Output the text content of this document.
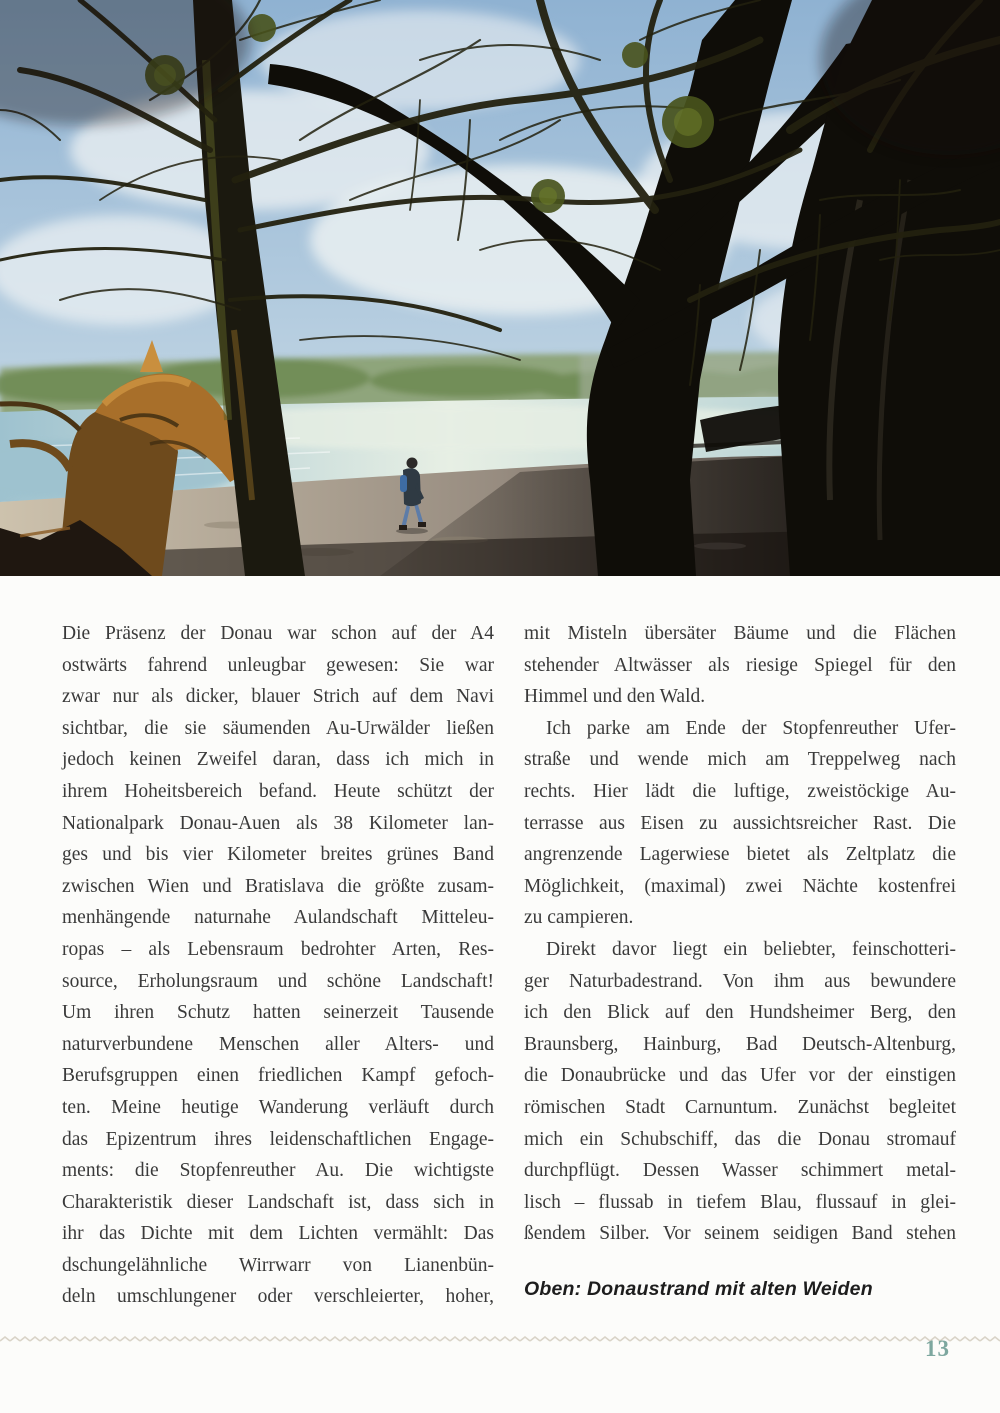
Die Präsenz der Donau war schon auf der A4
ostwärts fahrend unleugbar gewesen: Sie war
zwar nur als dicker, blauer Strich auf dem Navi
sichtbar, die sie säumenden Au-Urwälder ließen
jedoch keinen Zweifel daran, dass ich mich in
ihrem Hoheitsbereich befand. Heute schützt der
Nationalpark Donau-Auen als 38 Kilometer lan-
ges und bis vier Kilometer breites grünes Band
zwischen Wien und Bratislava die größte zusam-
menhängende naturnahe Aulandschaft Mitteleu-
ropas – als Lebensraum bedrohter Arten, Res-
source, Erholungsraum und schöne Landschaft!
Um ihren Schutz hatten seinerzeit Tausende
naturverbundene Menschen aller Alters- und
Berufsgruppen einen friedlichen Kampf gefoch-
ten. Meine heutige Wanderung verläuft durch
das Epizentrum ihres leidenschaftlichen Engage-
ments: die Stopfenreuther Au. Die wichtigste
Charakteristik dieser Landschaft ist, dass sich in
ihr das Dichte mit dem Lichten vermählt: Das
dschungelähnliche Wirrwarr von Lianenbün-
deln umschlungener oder verschleierter, hoher,
mit Misteln übersäter Bäume und die Flächen
stehender Altwässer als riesige Spiegel für den
Himmel und den Wald.
Ich parke am Ende der Stopfenreuther Ufer-
straße und wende mich am Treppelweg nach
rechts. Hier lädt die luftige, zweistöckige Au-
terrasse aus Eisen zu aussichtsreicher Rast. Die
angrenzende Lagerwiese bietet als Zeltplatz die
Möglichkeit, (maximal) zwei Nächte kostenfrei
zu campieren.
Direkt davor liegt ein beliebter, feinschotteri-
ger Naturbadestrand. Von ihm aus bewundere
ich den Blick auf den Hundsheimer Berg, den
Braunsberg, Hainburg, Bad Deutsch-Altenburg,
die Donaubrücke und das Ufer vor der einstigen
römischen Stadt Carnuntum. Zunächst begleitet
mich ein Schubschiff, das die Donau stromauf
durchpflügt. Dessen Wasser schimmert metal-
lisch – flussab in tiefem Blau, flussauf in glei-
ßendem Silber. Vor seinem seidigen Band stehen
Oben: Donaustrand mit alten Weiden
13
